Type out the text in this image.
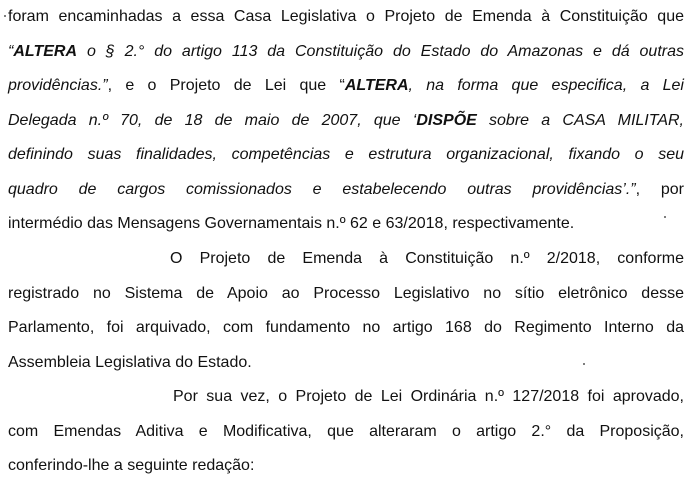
foram encaminhadas a essa Casa Legislativa o Projeto de Emenda à Constituição que
“ALTERA o § 2.° do artigo 113 da Constituição do Estado do Amazonas e dá outras
providências.”, e o Projeto de Lei que “ALTERA, na forma que especifica, a Lei
Delegada n.º 70, de 18 de maio de 2007, que ‘DISPÕE sobre a CASA MILITAR,
definindo suas finalidades, competências e estrutura organizacional, fixando o seu
quadro de cargos comissionados e estabelecendo outras providências’.”, por
intermédio das Mensagens Governamentais n.º 62 e 63/2018, respectivamente.
O Projeto de Emenda à Constituição n.º 2/2018, conforme
registrado no Sistema de Apoio ao Processo Legislativo no sítio eletrônico desse
Parlamento, foi arquivado, com fundamento no artigo 168 do Regimento Interno da
Assembleia Legislativa do Estado.
Por sua vez, o Projeto de Lei Ordinária n.º 127/2018 foi aprovado,
com Emendas Aditiva e Modificativa, que alteraram o artigo 2.° da Proposição,
conferindo-lhe a seguinte redação:
